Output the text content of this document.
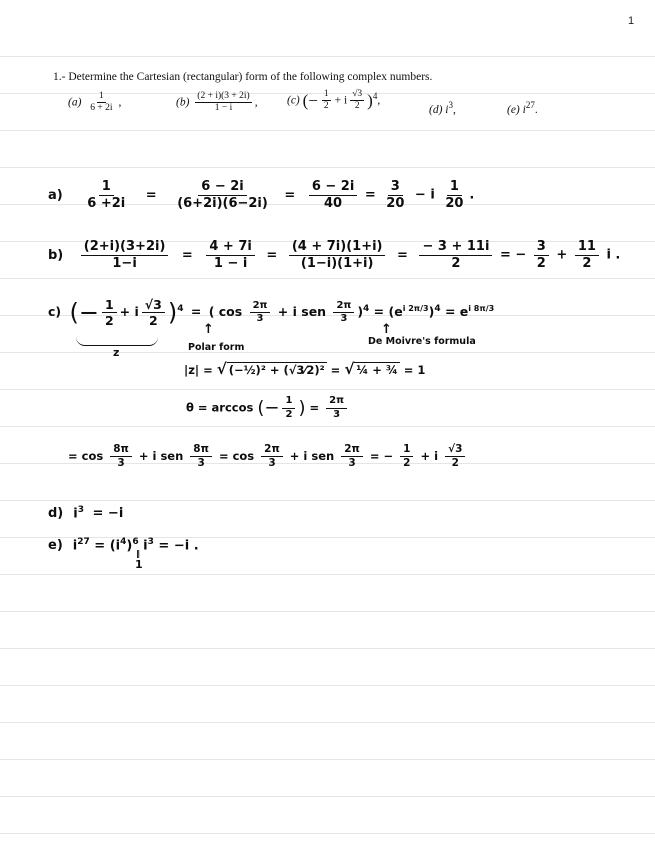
1
1.- Determine the Cartesian (rectangular) form of the following complex numbers.
$(a) \frac{1}{6 + 2i}$ ,	$(b) \frac{(2 + i)(3 + 2i)}{1 - i}$ ,	(c) (− $\frac{1}{2} + i \frac{√3}{2} )^4$,
(d) $i^3$,	(e) $i^{27}$.
$a) \frac{1}{6 +2i} = \frac{6 - 2i}{(6+2i)(6-2i)} = \frac{6 - 2i}{40} = \frac{3}{20} - i \frac{1}{20}$ .
$b) \frac{(2+i)(3+2i)}{1-i} = \frac{4 + 7i}{1 - i} = \frac{(4 + 7i)(1+i)}{(1-i)(1+i)} = \frac{- 3 + 11i}{2}$ = − $\frac{3}{2} + \frac{11}{2}$ i .
c) (− $\frac{1}{2} + i \frac{√3}{2} )^4$ = ( $\cos \frac{2\pi}{3} + i$ sen $\frac{2\pi}{3} )^4 = (e^{i 2\pi/3})^4 = e^{i 8\pi/3}$
z
↑
Polar form
↑
De Moivre's formula
|z| = √ (−½)² + (√3⁄2)² = √ ¼ + ¾ = 1
θ = arccos (− $\frac{1}{2}$ ) = $\frac{2\pi}{3}$
= $\cos \frac{8\pi}{3} + i$ sen $\frac{8\pi}{3} = \cos \frac{2\pi}{3} + i$ sen $\frac{2\pi}{3}$ = − $\frac{1}{2} + i \frac{√3}{2}$
d) $i^3 = -i$
e) $i^{27} = (i^4)^6$ $i^3 = -i$ .
‖
1
